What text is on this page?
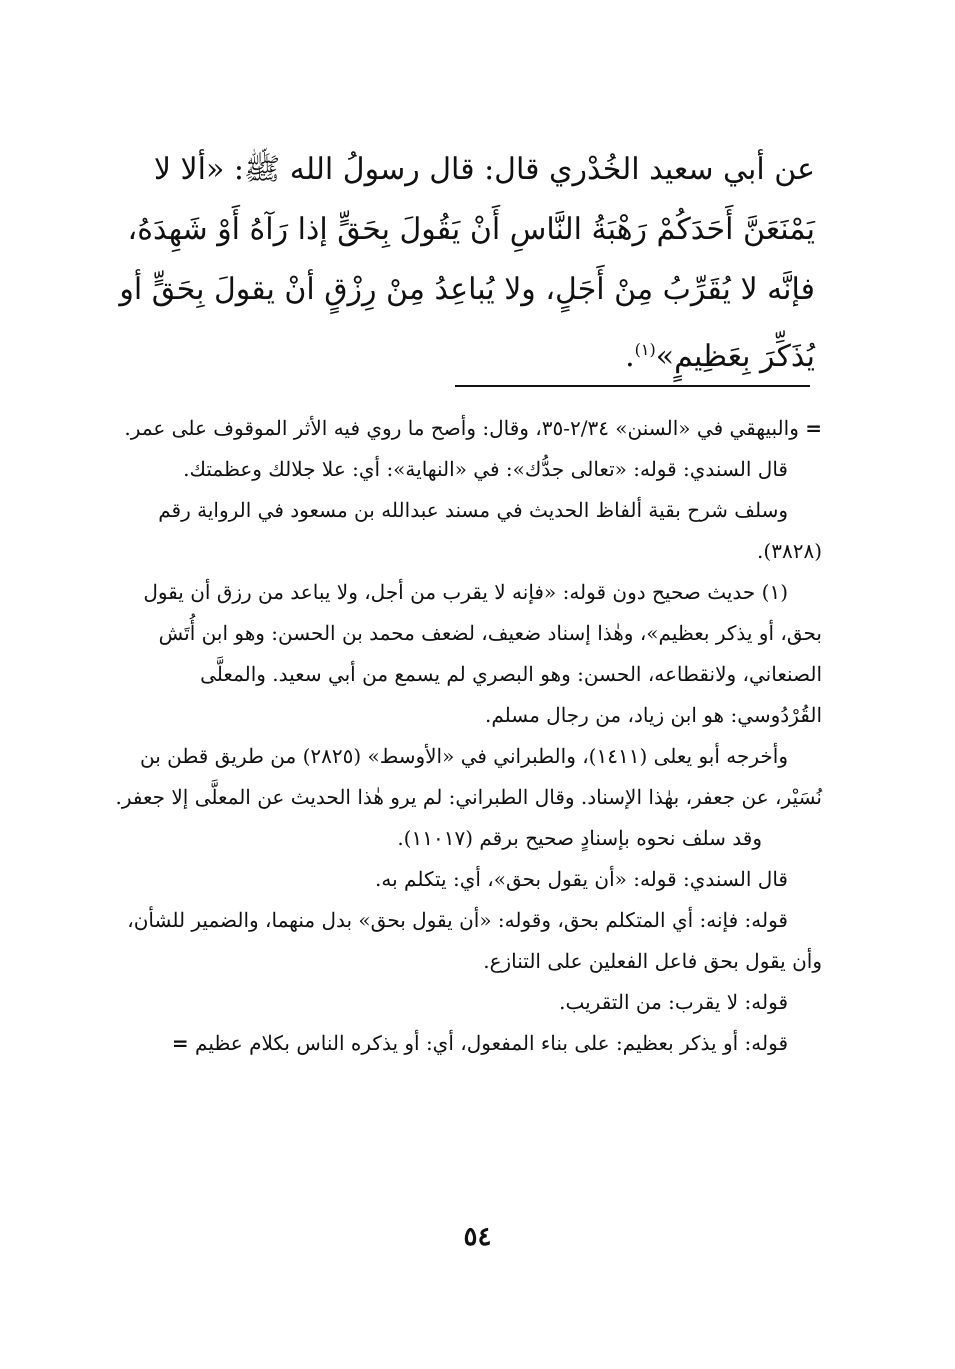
عن أبي سعيد الخُدْري قال: قال رسولُ الله ﷺ: «ألا لا يَمْنَعَنَّ أَحَدَكُمْ رَهْبَةُ النَّاسِ أَنْ يَقُولَ بِحَقٍّ إذا رَآهُ أَوْ شَهِدَهُ، فإنَّه لا يُقَرِّبُ مِنْ أَجَلٍ، ولا يُباعِدُ مِنْ رِزْقٍ أنْ يقولَ بِحَقٍّ أو يُذَكِّرَ بِعَظِيمٍ»$^{(١)}$.

= والبيهقي في «السنن» ٢/٣٤-٣٥، وقال: وأصح ما روي فيه الأثر الموقوف على عمر.

قال السندي: قوله: «تعالى جدُّك»: في «النهاية»: أي: علا جلالك وعظمتك.

وسلف شرح بقية ألفاظ الحديث في مسند عبدالله بن مسعود في الرواية رقم (٣٨٢٨).

(١) حديث صحيح دون قوله: «فإنه لا يقرب من أجل، ولا يباعد من رزق أن يقول بحق، أو يذكر بعظيم»، وهٰذا إسناد ضعيف، لضعف محمد بن الحسن: وهو ابن أُتَش الصنعاني، ولانقطاعه، الحسن: وهو البصري لم يسمع من أبي سعيد. والمعلَّى القُرْدُوسي: هو ابن زياد، من رجال مسلم.

وأخرجه أبو يعلى (١٤١١)، والطبراني في «الأوسط» (٢٨٢٥) من طريق قطن بن نُسَيْر، عن جعفر، بهٰذا الإسناد. وقال الطبراني: لم يرو هٰذا الحديث عن المعلَّى إلا جعفر.

وقد سلف نحوه بإسنادٍ صحيح برقم (١١٠١٧).

قال السندي: قوله: «أن يقول بحق»، أي: يتكلم به.

قوله: فإنه: أي المتكلم بحق، وقوله: «أن يقول بحق» بدل منهما، والضمير للشأن، وأن يقول بحق فاعل الفعلين على التنازع.

قوله: لا يقرب: من التقريب.

قوله: أو يذكر بعظيم: على بناء المفعول، أي: أو يذكره الناس بكلام عظيم =

٥٤
